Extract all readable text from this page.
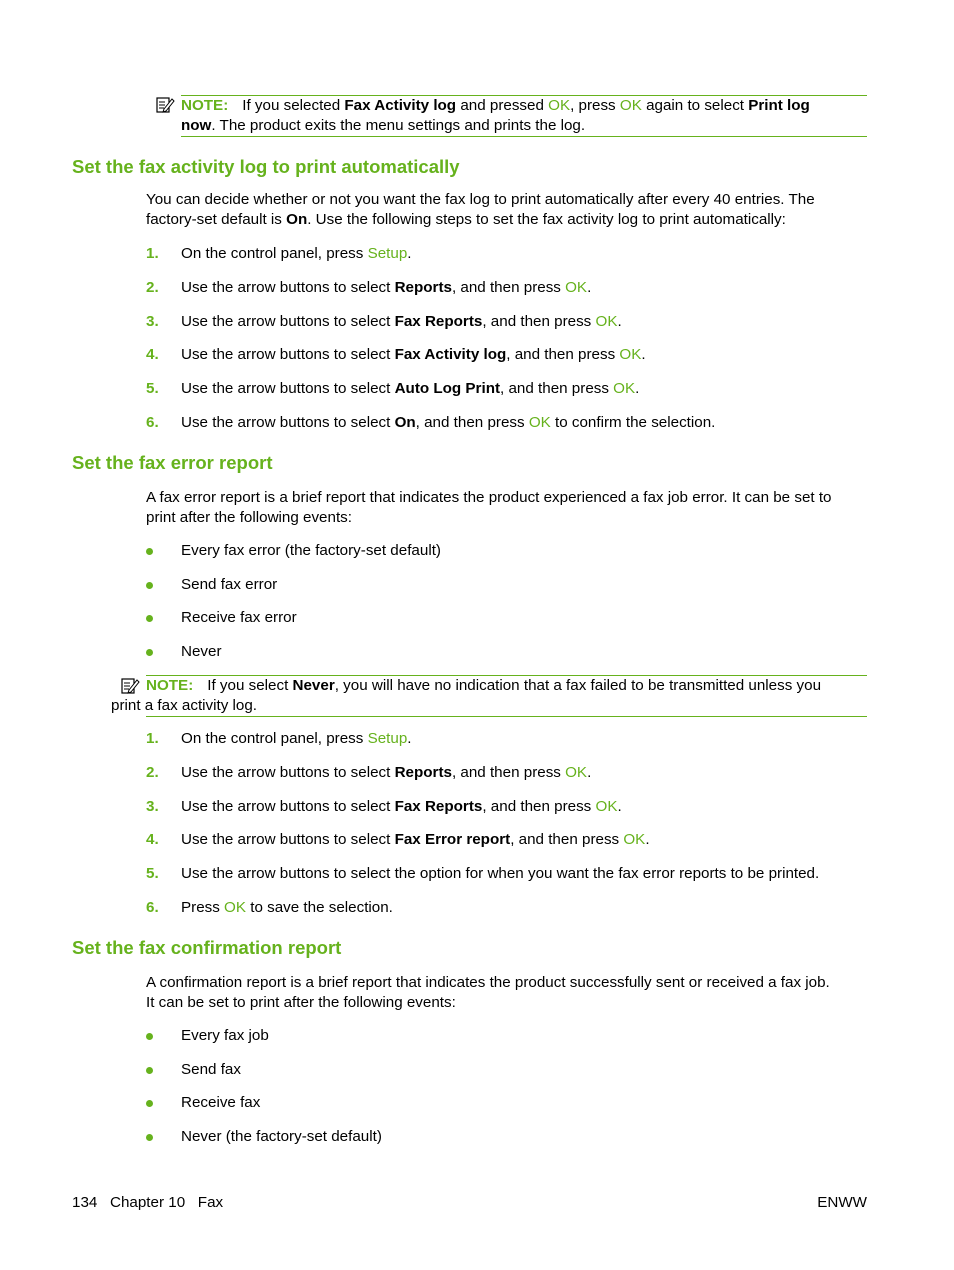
NOTE: If you selected Fax Activity log and pressed OK, press OK again to select Print log
now. The product exits the menu settings and prints the log.
Set the fax activity log to print automatically
You can decide whether or not you want the fax log to print automatically after every 40 entries. The
factory-set default is On. Use the following steps to set the fax activity log to print automatically:
1. On the control panel, press Setup.
2. Use the arrow buttons to select Reports, and then press OK.
3. Use the arrow buttons to select Fax Reports, and then press OK.
4. Use the arrow buttons to select Fax Activity log, and then press OK.
5. Use the arrow buttons to select Auto Log Print, and then press OK.
6. Use the arrow buttons to select On, and then press OK to confirm the selection.
Set the fax error report
A fax error report is a brief report that indicates the product experienced a fax job error. It can be set to
print after the following events:
Every fax error (the factory-set default)
Send fax error
Receive fax error
Never
NOTE: If you select Never, you will have no indication that a fax failed to be transmitted unless you
print a fax activity log.
1. On the control panel, press Setup.
2. Use the arrow buttons to select Reports, and then press OK.
3. Use the arrow buttons to select Fax Reports, and then press OK.
4. Use the arrow buttons to select Fax Error report, and then press OK.
5. Use the arrow buttons to select the option for when you want the fax error reports to be printed.
6. Press OK to save the selection.
Set the fax confirmation report
A confirmation report is a brief report that indicates the product successfully sent or received a fax job.
It can be set to print after the following events:
Every fax job
Send fax
Receive fax
Never (the factory-set default)
134   Chapter 10   Fax	ENWW
